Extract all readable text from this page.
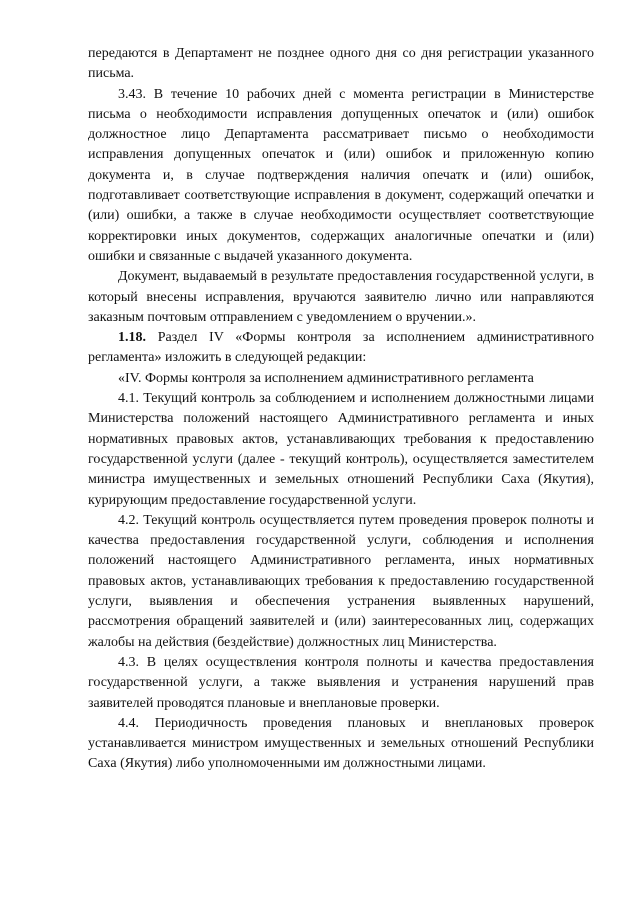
передаются в Департамент не позднее одного дня со дня регистрации указанного письма.

3.43. В течение 10 рабочих дней с момента регистрации в Министерстве письма о необходимости исправления допущенных опечаток и (или) ошибок должностное лицо Департамента рассматривает письмо о необходимости исправления допущенных опечаток и (или) ошибок и приложенную копию документа и, в случае подтверждения наличия опечатк и (или) ошибок, подготавливает соответствующие исправления в документ, содержащий опечатки и (или) ошибки, а также в случае необходимости осуществляет соответствующие корректировки иных документов, содержащих аналогичные опечатки и (или) ошибки и связанные с выдачей указанного документа.

Документ, выдаваемый в результате предоставления государственной услуги, в который внесены исправления, вручаются заявителю лично или направляются заказным почтовым отправлением с уведомлением о вручении.».

1.18. Раздел IV «Формы контроля за исполнением административного регламента» изложить в следующей редакции:

«IV. Формы контроля за исполнением административного регламента

4.1. Текущий контроль за соблюдением и исполнением должностными лицами Министерства положений настоящего Административного регламента и иных нормативных правовых актов, устанавливающих требования к предоставлению государственной услуги (далее - текущий контроль), осуществляется заместителем министра имущественных и земельных отношений Республики Саха (Якутия), курирующим предоставление государственной услуги.

4.2. Текущий контроль осуществляется путем проведения проверок полноты и качества предоставления государственной услуги, соблюдения и исполнения положений настоящего Административного регламента, иных нормативных правовых актов, устанавливающих требования к предоставлению государственной услуги, выявления и обеспечения устранения выявленных нарушений, рассмотрения обращений заявителей и (или) заинтересованных лиц, содержащих жалобы на действия (бездействие) должностных лиц Министерства.

4.3. В целях осуществления контроля полноты и качества предоставления государственной услуги, а также выявления и устранения нарушений прав заявителей проводятся плановые и внеплановые проверки.

4.4. Периодичность проведения плановых и внеплановых проверок устанавливается министром имущественных и земельных отношений Республики Саха (Якутия) либо уполномоченными им должностными лицами.
